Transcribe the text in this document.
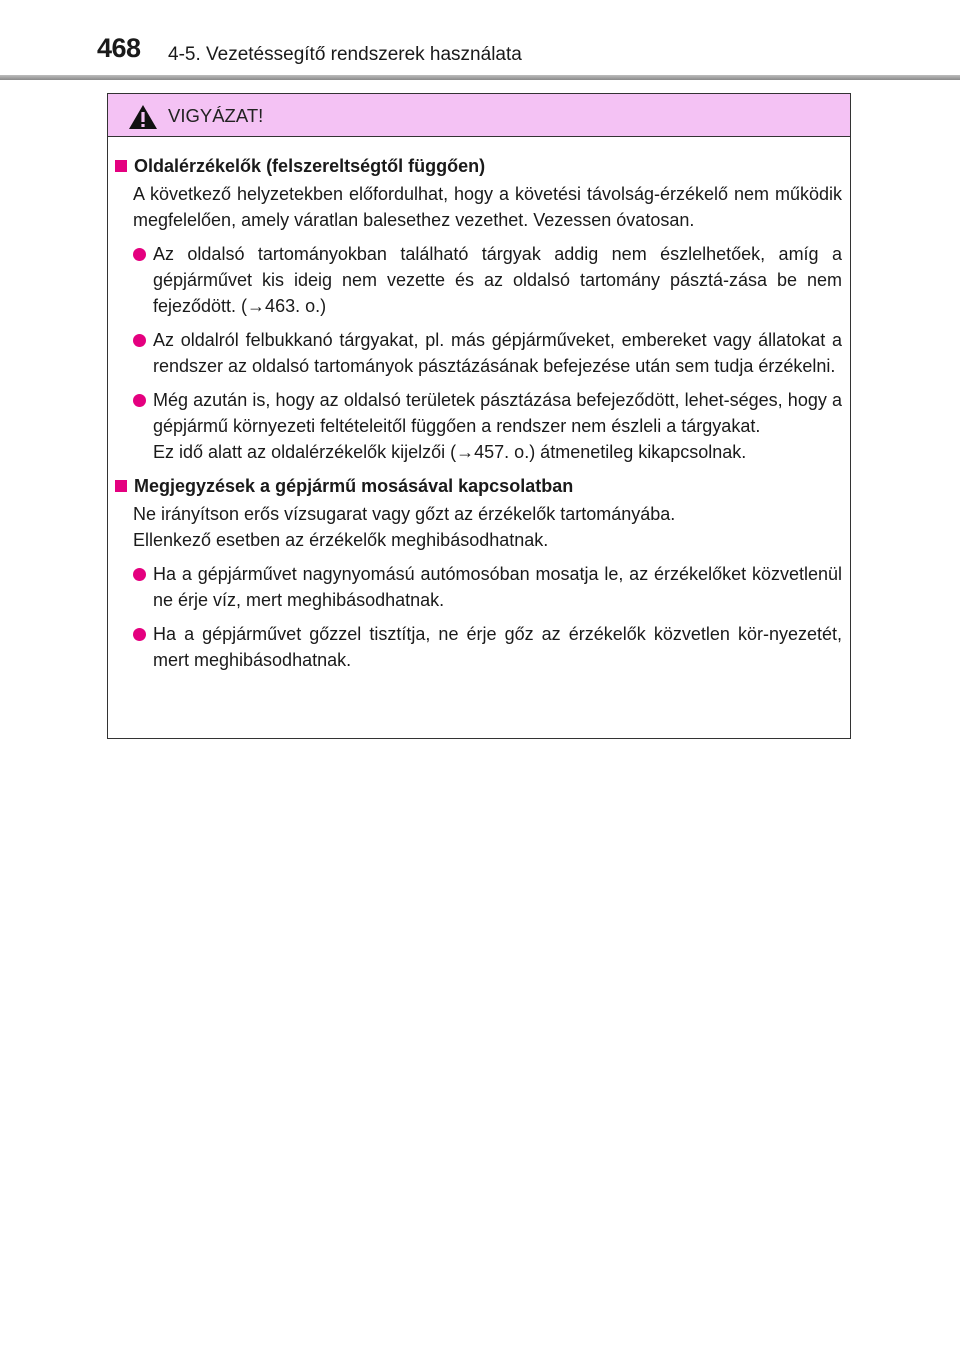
468 4-5. Vezetéssegítő rendszerek használata
VIGYÁZAT!
Oldalérzékelők (felszereltségtől függően)
A következő helyzetekben előfordulhat, hogy a követési távolság-érzékelő nem működik megfelelően, amely váratlan balesethez vezethet. Vezessen óvatosan.
Az oldalsó tartományokban található tárgyak addig nem észlelhetőek, amíg a gépjárművet kis ideig nem vezette és az oldalsó tartomány pásztá-zása be nem fejeződött. (→463. o.)
Az oldalról felbukkanó tárgyakat, pl. más gépjárműveket, embereket vagy állatokat a rendszer az oldalsó tartományok pásztázásának befejezése után sem tudja érzékelni.
Még azután is, hogy az oldalsó területek pásztázása befejeződött, lehet-séges, hogy a gépjármű környezeti feltételeitől függően a rendszer nem észleli a tárgyakat.
Ez idő alatt az oldalérzékelők kijelzői (→457. o.) átmenetileg kikapcsolnak.
Megjegyzések a gépjármű mosásával kapcsolatban
Ne irányítson erős vízsugarat vagy gőzt az érzékelők tartományába.
Ellenkező esetben az érzékelők meghibásodhatnak.
Ha a gépjárművet nagynyomású autómosóban mosatja le, az érzékelőket közvetlenül ne érje víz, mert meghibásodhatnak.
Ha a gépjárművet gőzzel tisztítja, ne érje gőz az érzékelők közvetlen kör-nyezetét, mert meghibásodhatnak.
